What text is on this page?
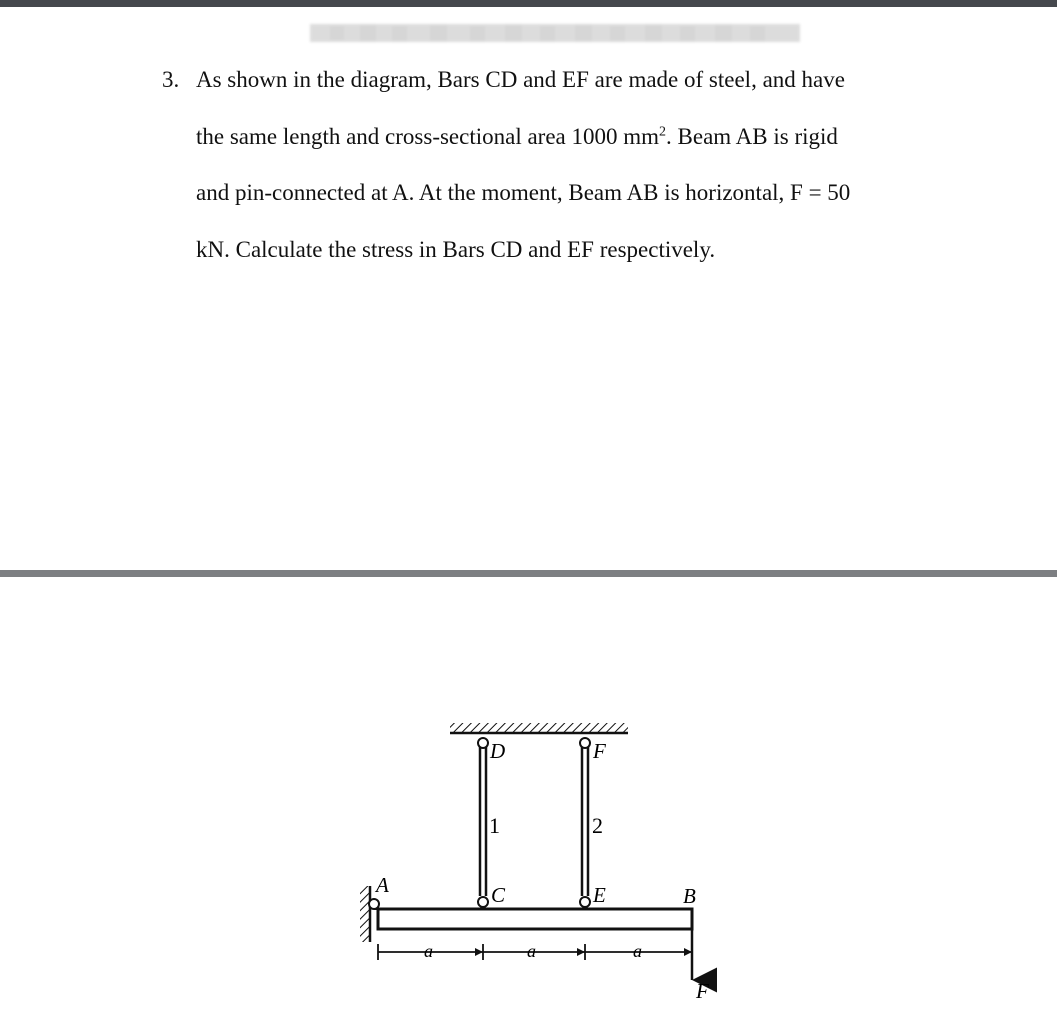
3. As shown in the diagram, Bars CD and EF are made of steel, and have
the same length and cross-sectional area 1000 $mm^2$. Beam AB is rigid
and pin-connected at A. At the moment, Beam AB is horizontal, F = 50
kN. Calculate the stress in Bars CD and EF respectively.
D	F
1	2
A	C	E	B
F
a	a	a
